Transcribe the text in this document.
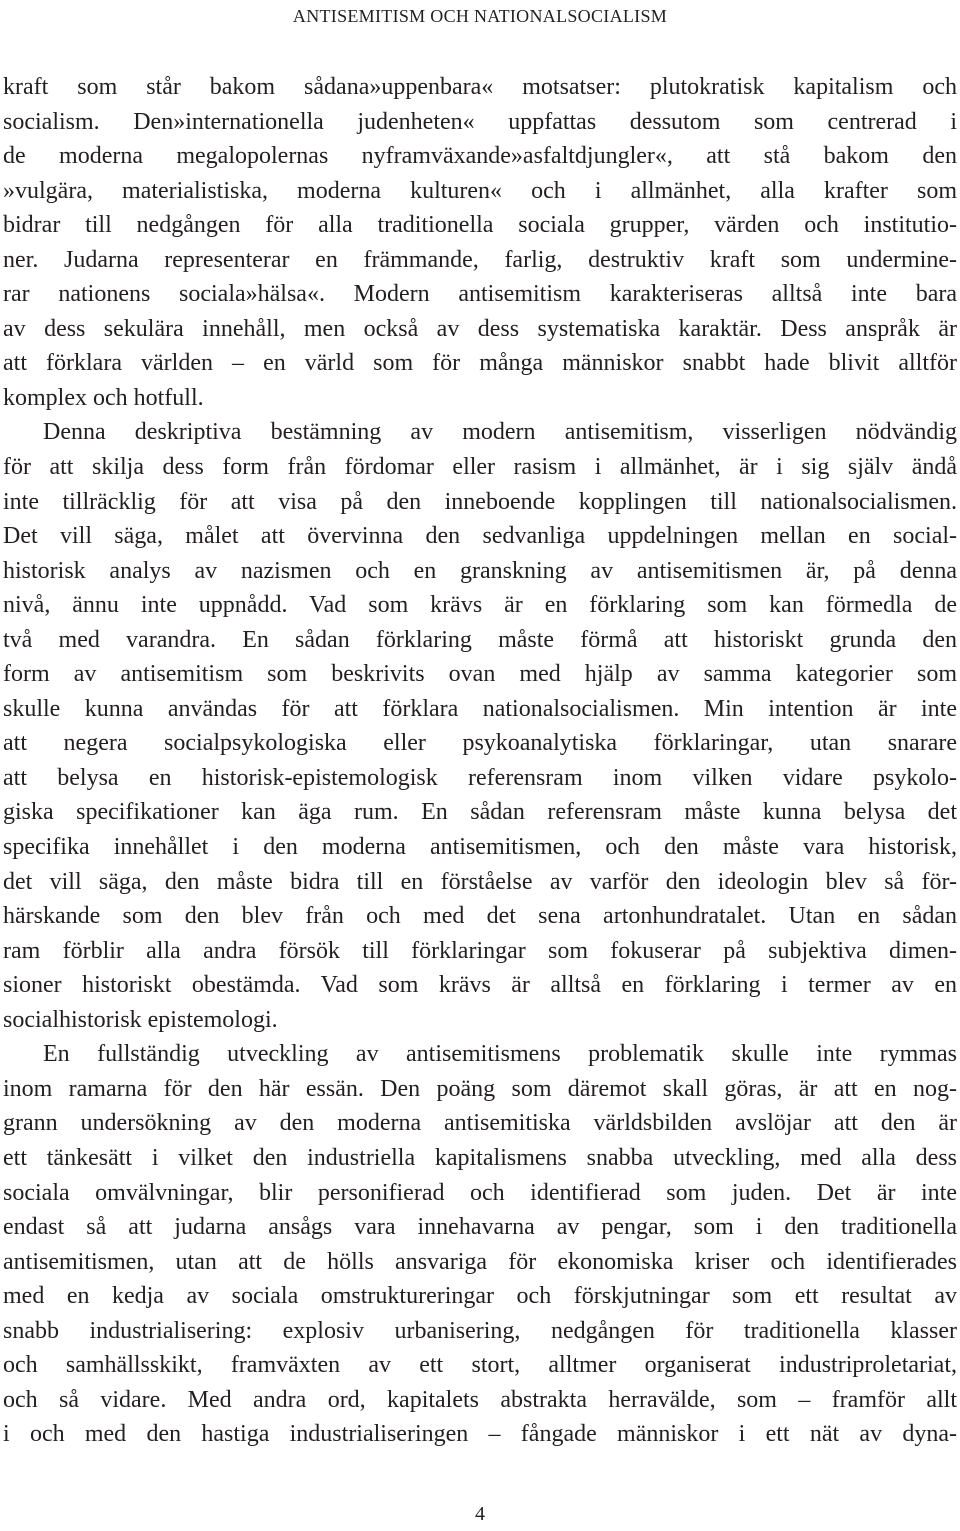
ANTISEMITISM OCH NATIONALSOCIALISM
kraft som står bakom sådana»uppenbara« motsatser: plutokratisk kapitalism och
socialism. Den»internationella judenheten« uppfattas dessutom som centrerad i
de moderna megalopolernas nyframväxande»asfaltdjungler«, att stå bakom den
»vulgära, materialistiska, moderna kulturen« och i allmänhet, alla krafter som
bidrar till nedgången för alla traditionella sociala grupper, värden och institutio-
ner. Judarna representerar en främmande, farlig, destruktiv kraft som undermine-
rar nationens sociala»hälsa«. Modern antisemitism karakteriseras alltså inte bara
av dess sekulära innehåll, men också av dess systematiska karaktär. Dess anspråk är
att förklara världen – en värld som för många människor snabbt hade blivit alltför
komplex och hotfull.
Denna deskriptiva bestämning av modern antisemitism, visserligen nödvändig
för att skilja dess form från fördomar eller rasism i allmänhet, är i sig själv ändå
inte tillräcklig för att visa på den inneboende kopplingen till nationalsocialismen.
Det vill säga, målet att övervinna den sedvanliga uppdelningen mellan en social-
historisk analys av nazismen och en granskning av antisemitismen är, på denna
nivå, ännu inte uppnådd. Vad som krävs är en förklaring som kan förmedla de
två med varandra. En sådan förklaring måste förmå att historiskt grunda den
form av antisemitism som beskrivits ovan med hjälp av samma kategorier som
skulle kunna användas för att förklara nationalsocialismen. Min intention är inte
att negera socialpsykologiska eller psykoanalytiska förklaringar, utan snarare
att belysa en historisk-epistemologisk referensram inom vilken vidare psykolo-
giska specifikationer kan äga rum. En sådan referensram måste kunna belysa det
specifika innehållet i den moderna antisemitismen, och den måste vara historisk,
det vill säga, den måste bidra till en förståelse av varför den ideologin blev så för-
härskande som den blev från och med det sena artonhundratalet. Utan en sådan
ram förblir alla andra försök till förklaringar som fokuserar på subjektiva dimen-
sioner historiskt obestämda. Vad som krävs är alltså en förklaring i termer av en
socialhistorisk epistemologi.
En fullständig utveckling av antisemitismens problematik skulle inte rymmas
inom ramarna för den här essän. Den poäng som däremot skall göras, är att en nog-
grann undersökning av den moderna antisemitiska världsbilden avslöjar att den är
ett tänkesätt i vilket den industriella kapitalismens snabba utveckling, med alla dess
sociala omvälvningar, blir personifierad och identifierad som juden. Det är inte
endast så att judarna ansågs vara innehavarna av pengar, som i den traditionella
antisemitismen, utan att de hölls ansvariga för ekonomiska kriser och identifierades
med en kedja av sociala omstruktureringar och förskjutningar som ett resultat av
snabb industrialisering: explosiv urbanisering, nedgången för traditionella klasser
och samhällsskikt, framväxten av ett stort, alltmer organiserat industriproletariat,
och så vidare. Med andra ord, kapitalets abstrakta herravälde, som – framför allt
i och med den hastiga industrialiseringen – fångade människor i ett nät av dyna-
4
